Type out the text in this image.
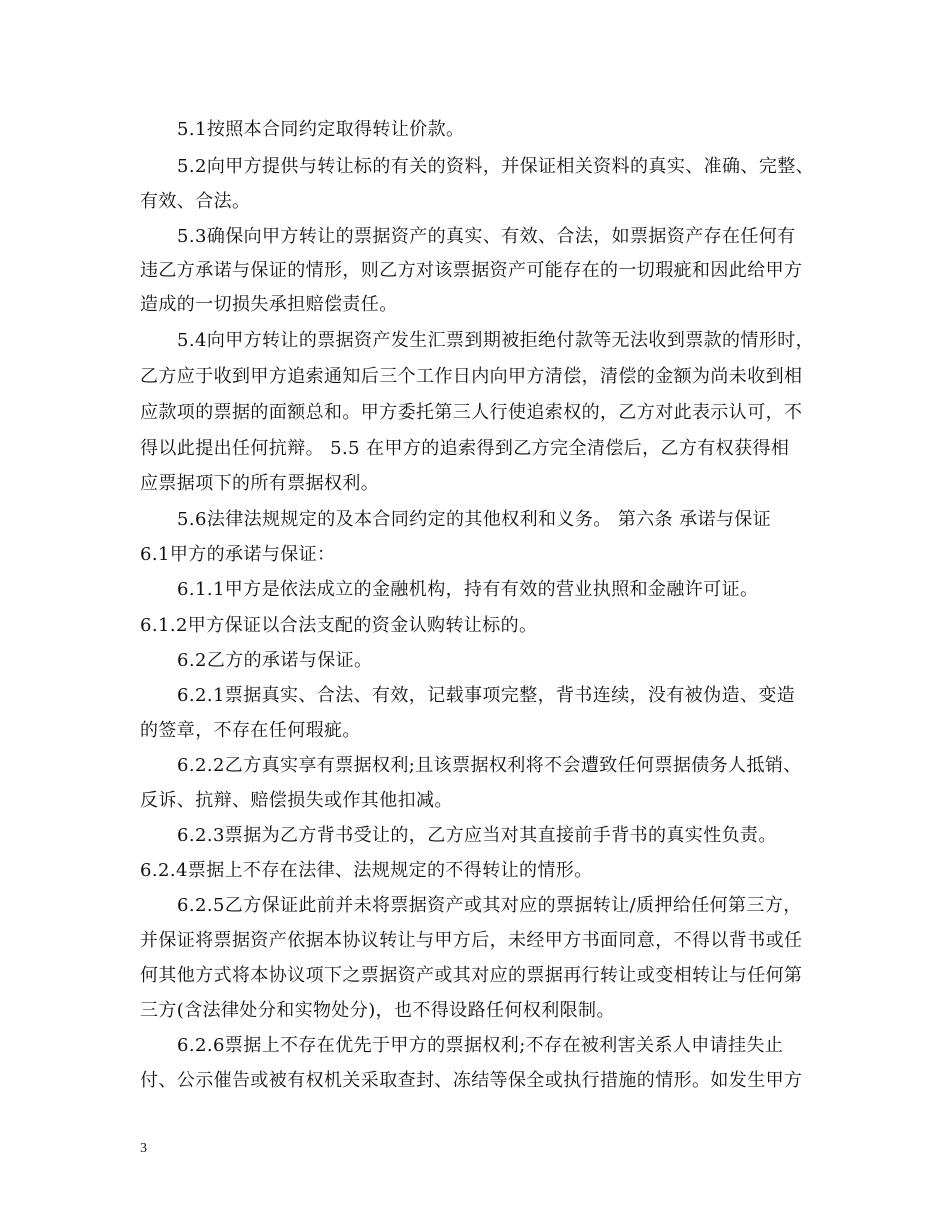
5.1按照本合同约定取得转让价款。
5.2向甲方提供与转让标的有关的资料，并保证相关资料的真实、准确、完整、
有效、合法。
5.3确保向甲方转让的票据资产的真实、有效、合法，如票据资产存在任何有
违乙方承诺与保证的情形，则乙方对该票据资产可能存在的一切瑕疵和因此给甲方
造成的一切损失承担赔偿责任。
5.4向甲方转让的票据资产发生汇票到期被拒绝付款等无法收到票款的情形时，
乙方应于收到甲方追索通知后三个工作日内向甲方清偿，清偿的金额为尚未收到相
应款项的票据的面额总和。甲方委托第三人行使追索权的，乙方对此表示认可，不
得以此提出任何抗辩。 5.5 在甲方的追索得到乙方完全清偿后，乙方有权获得相
应票据项下的所有票据权利。
5.6法律法规规定的及本合同约定的其他权利和义务。 第六条 承诺与保证
6.1甲方的承诺与保证：
6.1.1甲方是依法成立的金融机构，持有有效的营业执照和金融许可证。
6.1.2甲方保证以合法支配的资金认购转让标的。
6.2乙方的承诺与保证。
6.2.1票据真实、合法、有效，记载事项完整，背书连续，没有被伪造、变造
的签章，不存在任何瑕疵。
6.2.2乙方真实享有票据权利;且该票据权利将不会遭致任何票据债务人抵销、
反诉、抗辩、赔偿损失或作其他扣减。
6.2.3票据为乙方背书受让的，乙方应当对其直接前手背书的真实性负责。
6.2.4票据上不存在法律、法规规定的不得转让的情形。
6.2.5乙方保证此前并未将票据资产或其对应的票据转让/质押给任何第三方，
并保证将票据资产依据本协议转让与甲方后，未经甲方书面同意，不得以背书或任
何其他方式将本协议项下之票据资产或其对应的票据再行转让或变相转让与任何第
三方(含法律处分和实物处分)，也不得设路任何权利限制。
6.2.6票据上不存在优先于甲方的票据权利;不存在被利害关系人申请挂失止
付、公示催告或被有权机关采取查封、冻结等保全或执行措施的情形。如发生甲方
3
